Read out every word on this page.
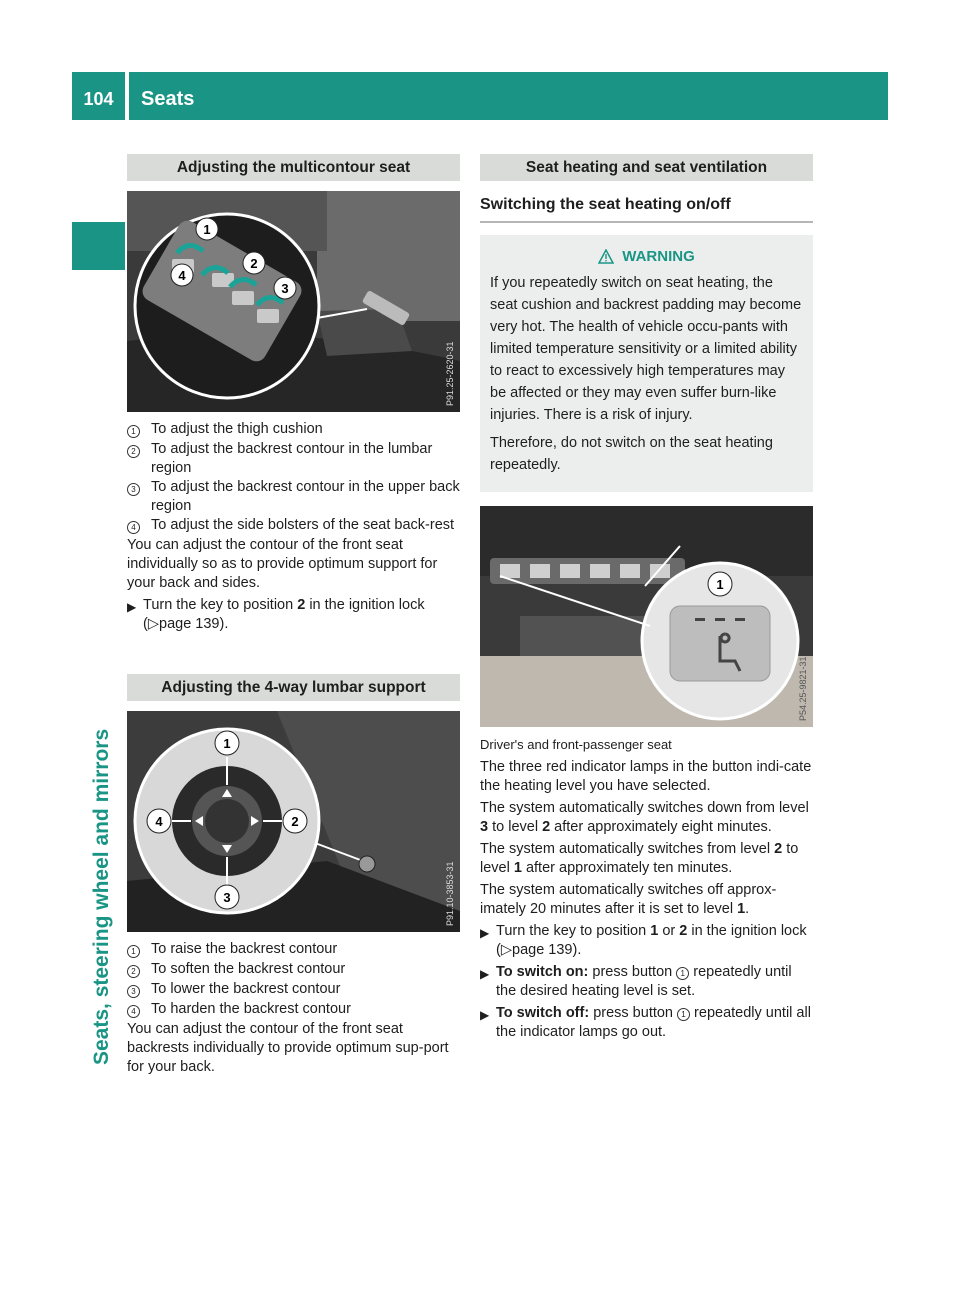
104	Seats
Seats, steering wheel and mirrors
Adjusting the multicontour seat
1
2
3
4
P91.25-2620-31
1	To adjust the thigh cushion
2	To adjust the backrest contour in the lumbar region
3	To adjust the backrest contour in the upper back region
4	To adjust the side bolsters of the seat back-rest

You can adjust the contour of the front seat individually so as to provide optimum support for your back and sides.

▶ Turn the key to position 2 in the ignition lock (▷page 139).
Adjusting the 4-way lumbar support
1
2
3
4
P91.10-3853-31
1	To raise the backrest contour
2	To soften the backrest contour
3	To lower the backrest contour
4	To harden the backrest contour

You can adjust the contour of the front seat backrests individually to provide optimum sup-port for your back.

Seat heating and seat ventilation
Switching the seat heating on/off
WARNING

If you repeatedly switch on seat heating, the seat cushion and backrest padding may become very hot. The health of vehicle occu-pants with limited temperature sensitivity or a limited ability to react to excessively high temperatures may be affected or they may even suffer burn-like injuries. There is a risk of injury.

Therefore, do not switch on the seat heating repeatedly.

1
P54.25-9821-31

Driver's and front-passenger seat

The three red indicator lamps in the button indi-cate the heating level you have selected.

The system automatically switches down from level 3 to level 2 after approximately eight minutes.

The system automatically switches from level 2 to level 1 after approximately ten minutes.

The system automatically switches off approx-imately 20 minutes after it is set to level 1.

▶ Turn the key to position 1 or 2 in the ignition lock (▷page 139).
▶ To switch on: press button 1 repeatedly until the desired heating level is set.
▶ To switch off: press button 1 repeatedly until all the indicator lamps go out.
